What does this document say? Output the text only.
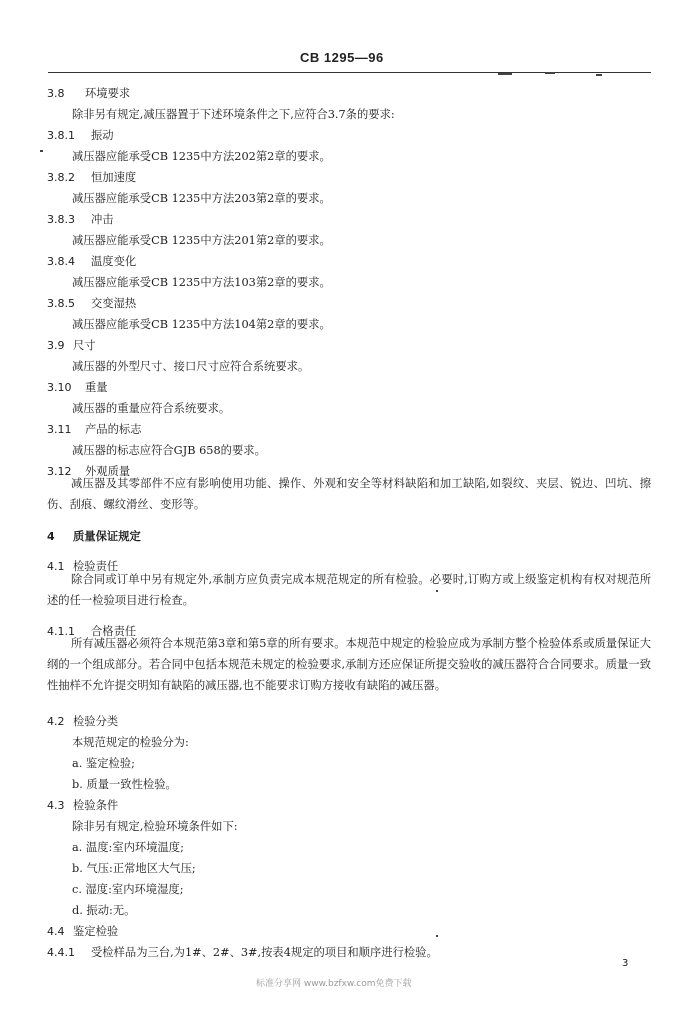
CB 1295—96
3.8 环境要求
除非另有规定,减压器置于下述环境条件之下,应符合3.7条的要求:
3.8.1 振动
减压器应能承受CB 1235中方法202第2章的要求。
3.8.2 恒加速度
减压器应能承受CB 1235中方法203第2章的要求。
3.8.3 冲击
减压器应能承受CB 1235中方法201第2章的要求。
3.8.4 温度变化
减压器应能承受CB 1235中方法103第2章的要求。
3.8.5 交变湿热
减压器应能承受CB 1235中方法104第2章的要求。
3.9 尺寸
减压器的外型尺寸、接口尺寸应符合系统要求。
3.10 重量
减压器的重量应符合系统要求。
3.11 产品的标志
减压器的标志应符合GJB 658的要求。
3.12 外观质量
减压器及其零部件不应有影响使用功能、操作、外观和安全等材料缺陷和加工缺陷,如裂纹、夹层、锐边、凹坑、擦伤、刮痕、螺纹滑丝、变形等。
4 质量保证规定
4.1 检验责任
除合同或订单中另有规定外,承制方应负责完成本规范规定的所有检验。必要时,订购方或上级鉴定机构有权对规范所述的任一检验项目进行检查。
4.1.1 合格责任
所有减压器必须符合本规范第3章和第5章的所有要求。本规范中规定的检验应成为承制方整个检验体系或质量保证大纲的一个组成部分。若合同中包括本规范未规定的检验要求,承制方还应保证所提交验收的减压器符合合同要求。质量一致性抽样不允许提交明知有缺陷的减压器,也不能要求订购方接收有缺陷的减压器。
4.2 检验分类
本规范规定的检验分为:
a. 鉴定检验;
b. 质量一致性检验。
4.3 检验条件
除非另有规定,检验环境条件如下:
a. 温度:室内环境温度;
b. 气压:正常地区大气压;
c. 湿度:室内环境湿度;
d. 振动:无。
4.4 鉴定检验
4.4.1 受检样品为三台,为1#、2#、3#,按表4规定的项目和顺序进行检验。
3
标准分享网 www.bzfxw.com免费下载
